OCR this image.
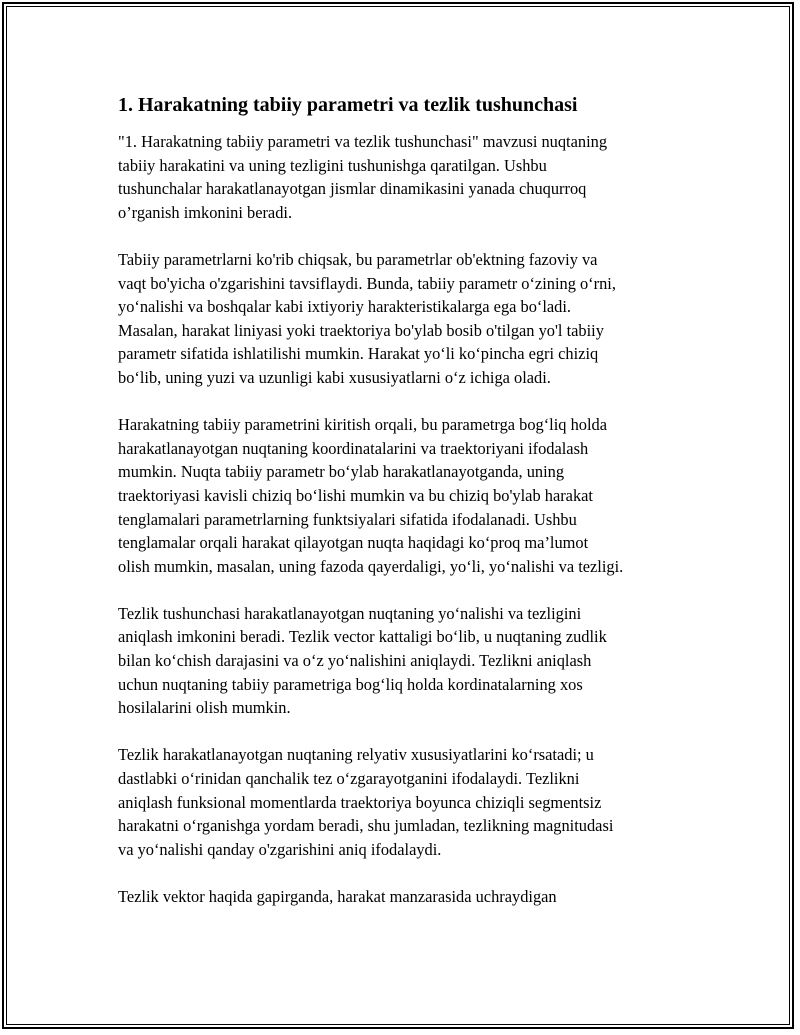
1. Harakatning tabiiy parametri va tezlik tushunchasi
"1. Harakatning tabiiy parametri va tezlik tushunchasi" mavzusi nuqtaning
tabiiy harakatini va uning tezligini tushunishga qaratilgan. Ushbu
tushunchalar harakatlanayotgan jismlar dinamikasini yanada chuqurroq
o’rganish imkonini beradi.
Tabiiy parametrlarni ko'rib chiqsak, bu parametrlar ob'ektning fazoviy va
vaqt bo'yicha o'zgarishini tavsiflaydi. Bunda, tabiiy parametr o‘zining o‘rni,
yo‘nalishi va boshqalar kabi ixtiyoriy harakteristikalarga ega bo‘ladi.
Masalan, harakat liniyasi yoki traektoriya bo'ylab bosib o'tilgan yo'l tabiiy
parametr sifatida ishlatilishi mumkin. Harakat yo‘li ko‘pincha egri chiziq
bo‘lib, uning yuzi va uzunligi kabi xususiyatlarni o‘z ichiga oladi.
Harakatning tabiiy parametrini kiritish orqali, bu parametrga bog‘liq holda
harakatlanayotgan nuqtaning koordinatalarini va traektoriyani ifodalash
mumkin. Nuqta tabiiy parametr bo‘ylab harakatlanayotganda, uning
traektoriyasi kavisli chiziq bo‘lishi mumkin va bu chiziq bo'ylab harakat
tenglamalari parametrlarning funktsiyalari sifatida ifodalanadi. Ushbu
tenglamalar orqali harakat qilayotgan nuqta haqidagi ko‘proq ma’lumot
olish mumkin, masalan, uning fazoda qayerdaligi, yo‘li, yo‘nalishi va tezligi.
Tezlik tushunchasi harakatlanayotgan nuqtaning yo‘nalishi va tezligini
aniqlash imkonini beradi. Tezlik vector kattaligi bo‘lib, u nuqtaning zudlik
bilan ko‘chish darajasini va o‘z yo‘nalishini aniqlaydi. Tezlikni aniqlash
uchun nuqtaning tabiiy parametriga bog‘liq holda kordinatalarning xos
hosilalarini olish mumkin.
Tezlik harakatlanayotgan nuqtaning relyativ xususiyatlarini ko‘rsatadi; u
dastlabki o‘rinidan qanchalik tez o‘zgarayotganini ifodalaydi. Tezlikni
aniqlash funksional momentlarda traektoriya boyunca chiziqli segmentsiz
harakatni o‘rganishga yordam beradi, shu jumladan, tezlikning magnitudasi
va yo‘nalishi qanday o'zgarishini aniq ifodalaydi.
Tezlik vektor haqida gapirganda, harakat manzarasida uchraydigan
